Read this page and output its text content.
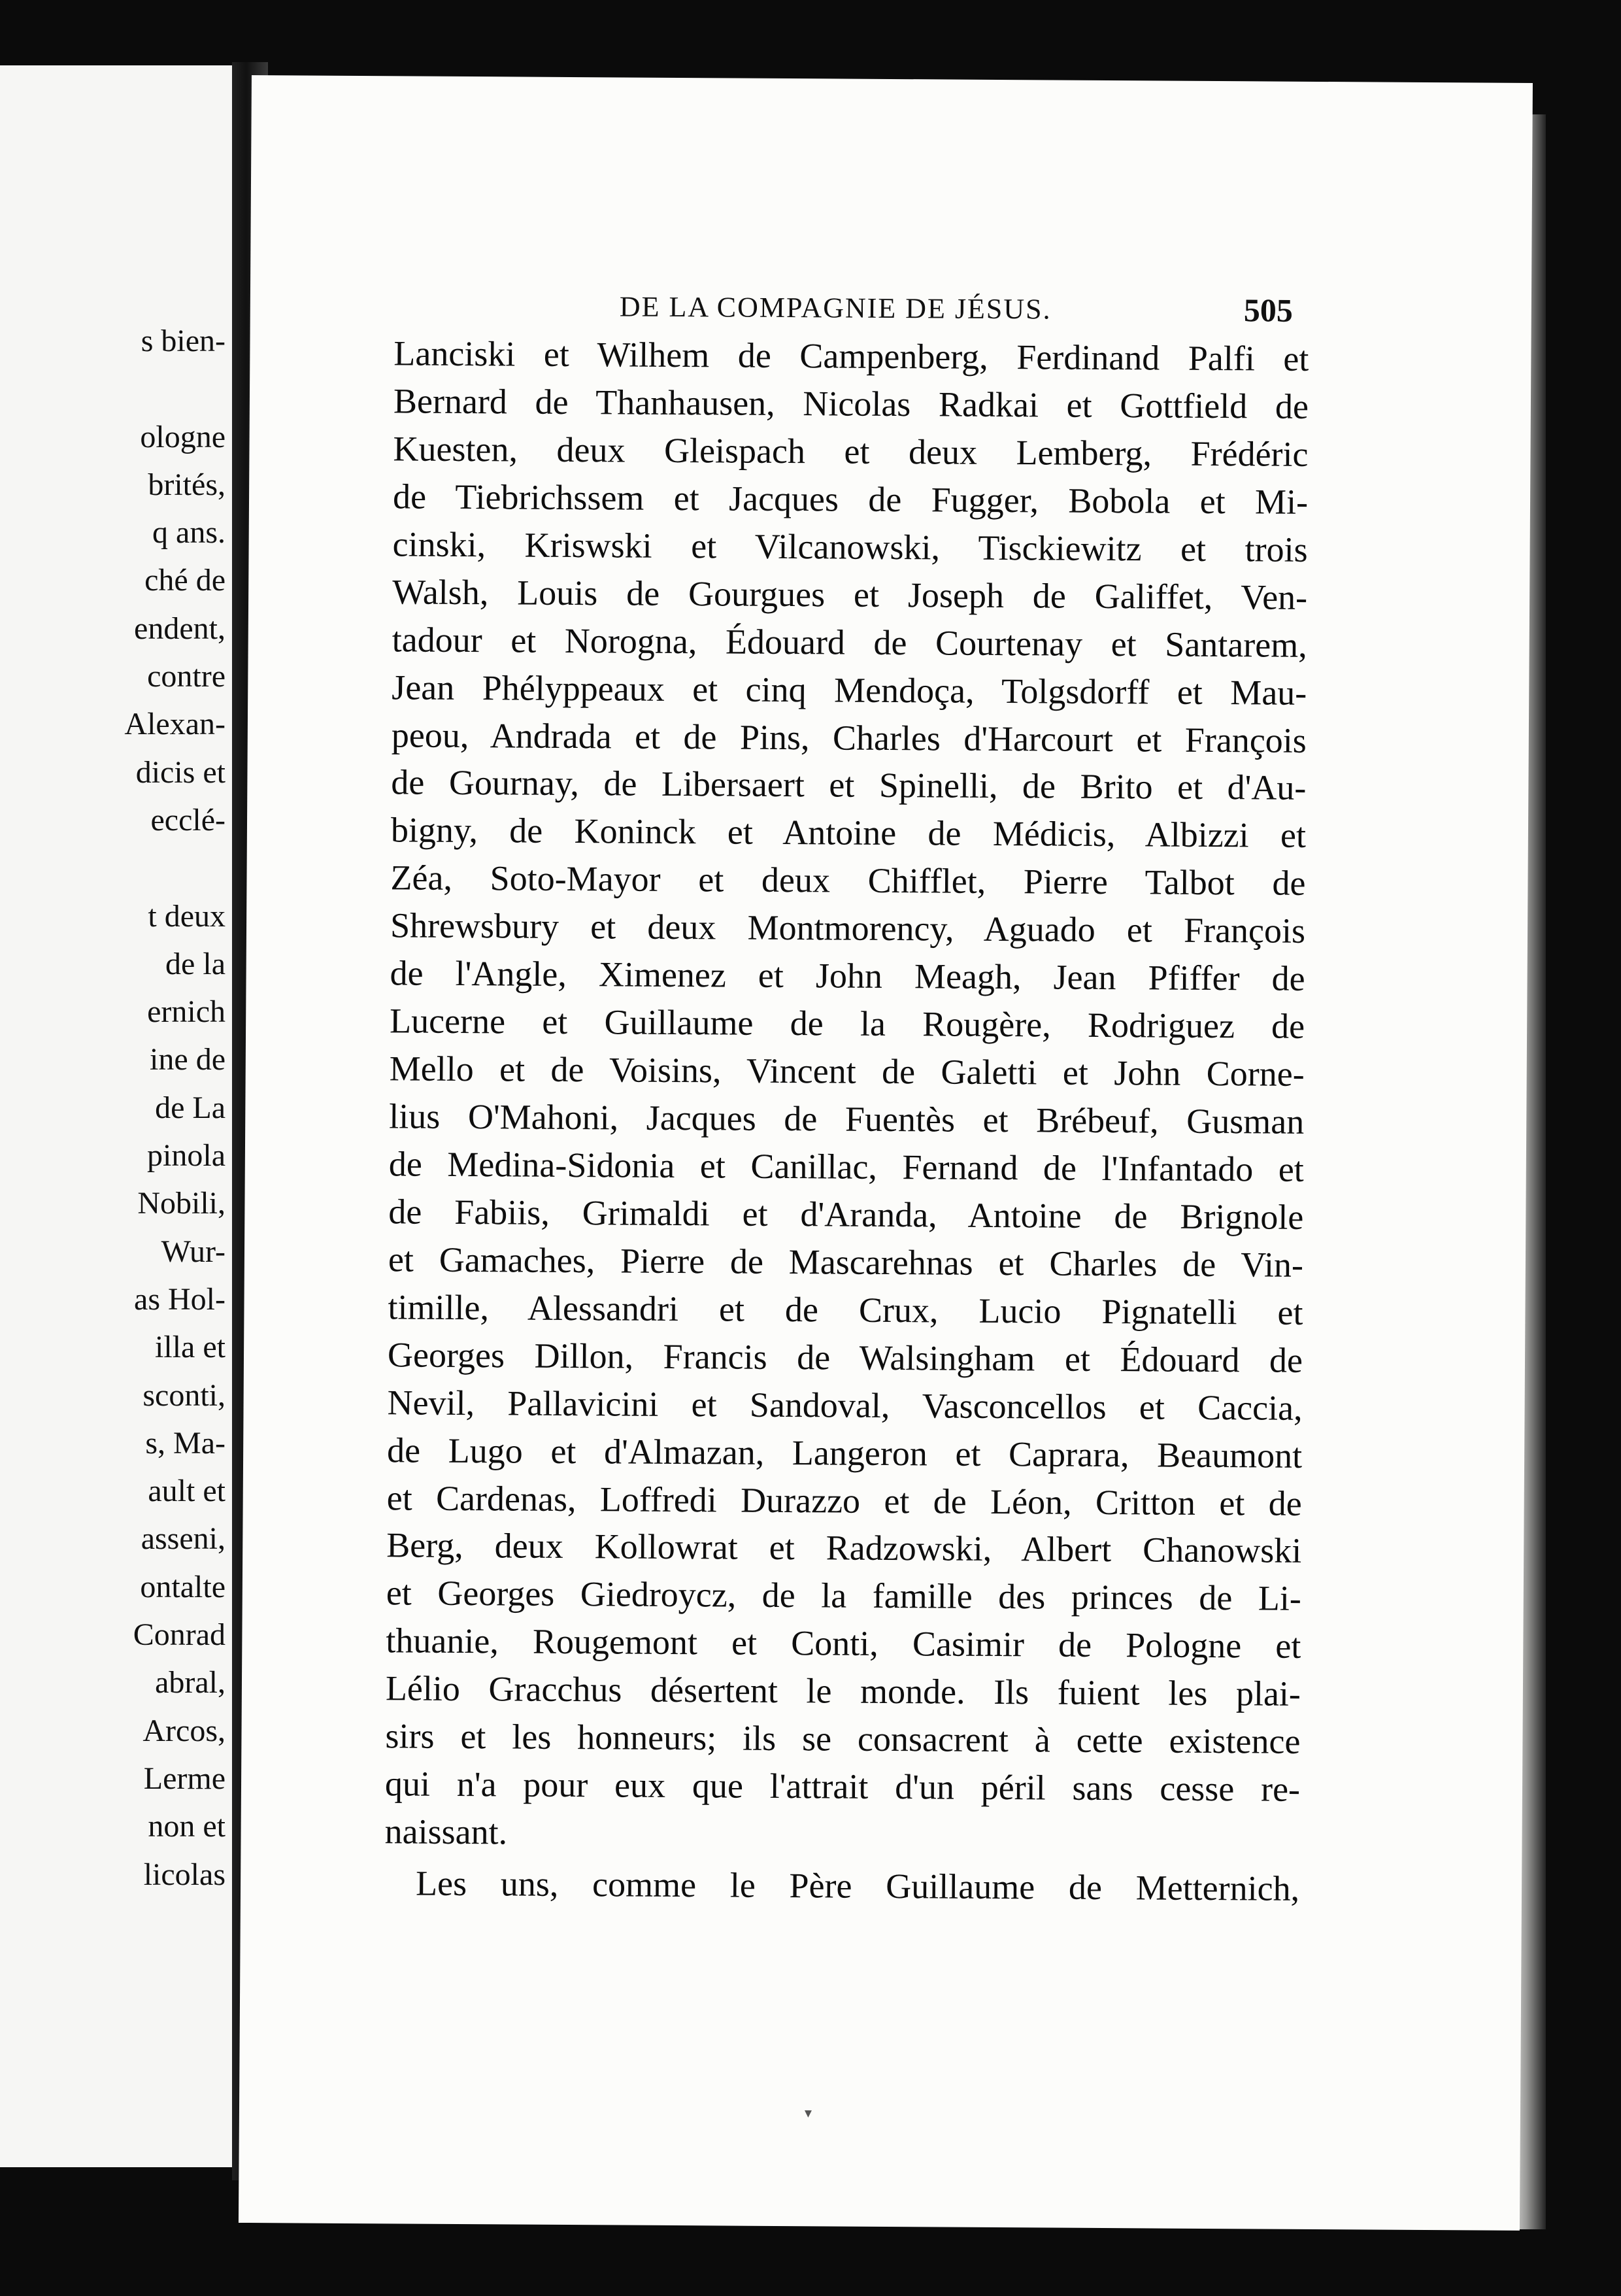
s bien-
ologne
brités,
q ans.
ché de
endent,
contre
Alexan-
dicis et
ecclé-
t deux
de la
ernich
ine de
de La
pinola
Nobili,
Wur-
as Hol-
illa et
sconti,
s, Ma-
ault et
asseni,
ontalte
Conrad
abral,
Arcos,
Lerme
non et
licolas
DE LA COMPAGNIE DE JÉSUS.	505
Lanciski et Wilhem de Campenberg, Ferdinand Palfi et
Bernard de Thanhausen, Nicolas Radkai et Gottfield de
Kuesten, deux Gleispach et deux Lemberg, Frédéric
de Tiebrichssem et Jacques de Fugger, Bobola et Mi-
cinski, Kriswski et Vilcanowski, Tisckiewitz et trois
Walsh, Louis de Gourgues et Joseph de Galiffet, Ven-
tadour et Norogna, Édouard de Courtenay et Santarem,
Jean Phélyppeaux et cinq Mendoça, Tolgsdorff et Mau-
peou, Andrada et de Pins, Charles d'Harcourt et François
de Gournay, de Libersaert et Spinelli, de Brito et d'Au-
bigny, de Koninck et Antoine de Médicis, Albizzi et
Zéa, Soto-Mayor et deux Chifflet, Pierre Talbot de
Shrewsbury et deux Montmorency, Aguado et François
de l'Angle, Ximenez et John Meagh, Jean Pfiffer de
Lucerne et Guillaume de la Rougère, Rodriguez de
Mello et de Voisins, Vincent de Galetti et John Corne-
lius O'Mahoni, Jacques de Fuentès et Brébeuf, Gusman
de Medina-Sidonia et Canillac, Fernand de l'Infantado et
de Fabiis, Grimaldi et d'Aranda, Antoine de Brignole
et Gamaches, Pierre de Mascarehnas et Charles de Vin-
timille, Alessandri et de Crux, Lucio Pignatelli et
Georges Dillon, Francis de Walsingham et Édouard de
Nevil, Pallavicini et Sandoval, Vasconcellos et Caccia,
de Lugo et d'Almazan, Langeron et Caprara, Beaumont
et Cardenas, Loffredi Durazzo et de Léon, Critton et de
Berg, deux Kollowrat et Radzowski, Albert Chanowski
et Georges Giedroycz, de la famille des princes de Li-
thuanie, Rougemont et Conti, Casimir de Pologne et
Lélio Gracchus désertent le monde. Ils fuient les plai-
sirs et les honneurs; ils se consacrent à cette existence
qui n'a pour eux que l'attrait d'un péril sans cesse re-
naissant.
Les uns, comme le Père Guillaume de Metternich,
▾
